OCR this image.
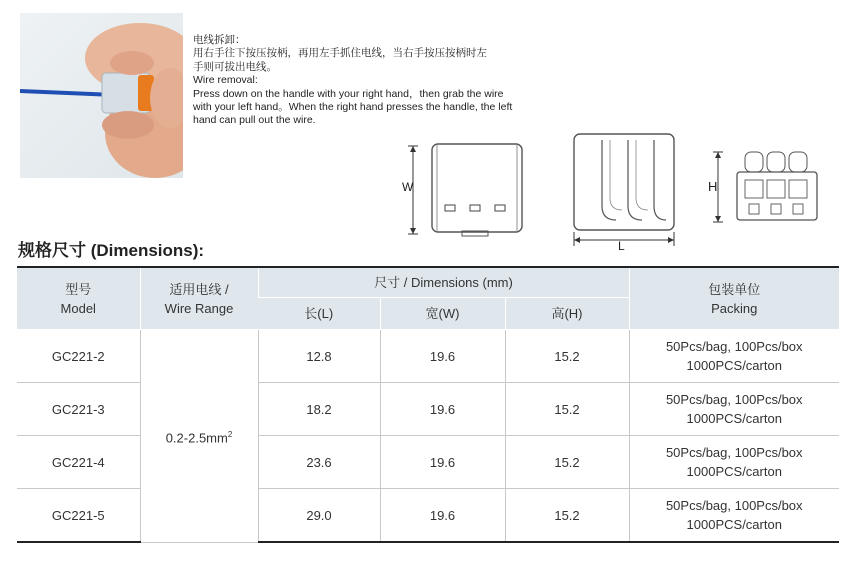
电线拆卸：
用右手往下按压按柄，再用左手抓住电线，当右手按压按柄时左
手则可拔出电线。
Wire removal:
Press down on the handle with your right hand，then grab the wire
with your left hand。When the right hand presses the handle, the left
hand can pull out the wire.
W
L
H
规格尺寸 (Dimensions):
型号
Model	适用电线 /
Wire Range	尺寸 / Dimensions (mm)			包装单位
Packing

		长(L)	宽(W)	高(H)	
GC221-2	$0.2-2.5mm^2$	12.8	19.6	15.2	50Pcs/bag, 100Pcs/box
1000PCS/carton

GC221-3		18.2	19.6	15.2	50Pcs/bag, 100Pcs/box
1000PCS/carton

GC221-4		23.6	19.6	15.2	50Pcs/bag, 100Pcs/box
1000PCS/carton

GC221-5		29.0	19.6	15.2	50Pcs/bag, 100Pcs/box
1000PCS/carton
